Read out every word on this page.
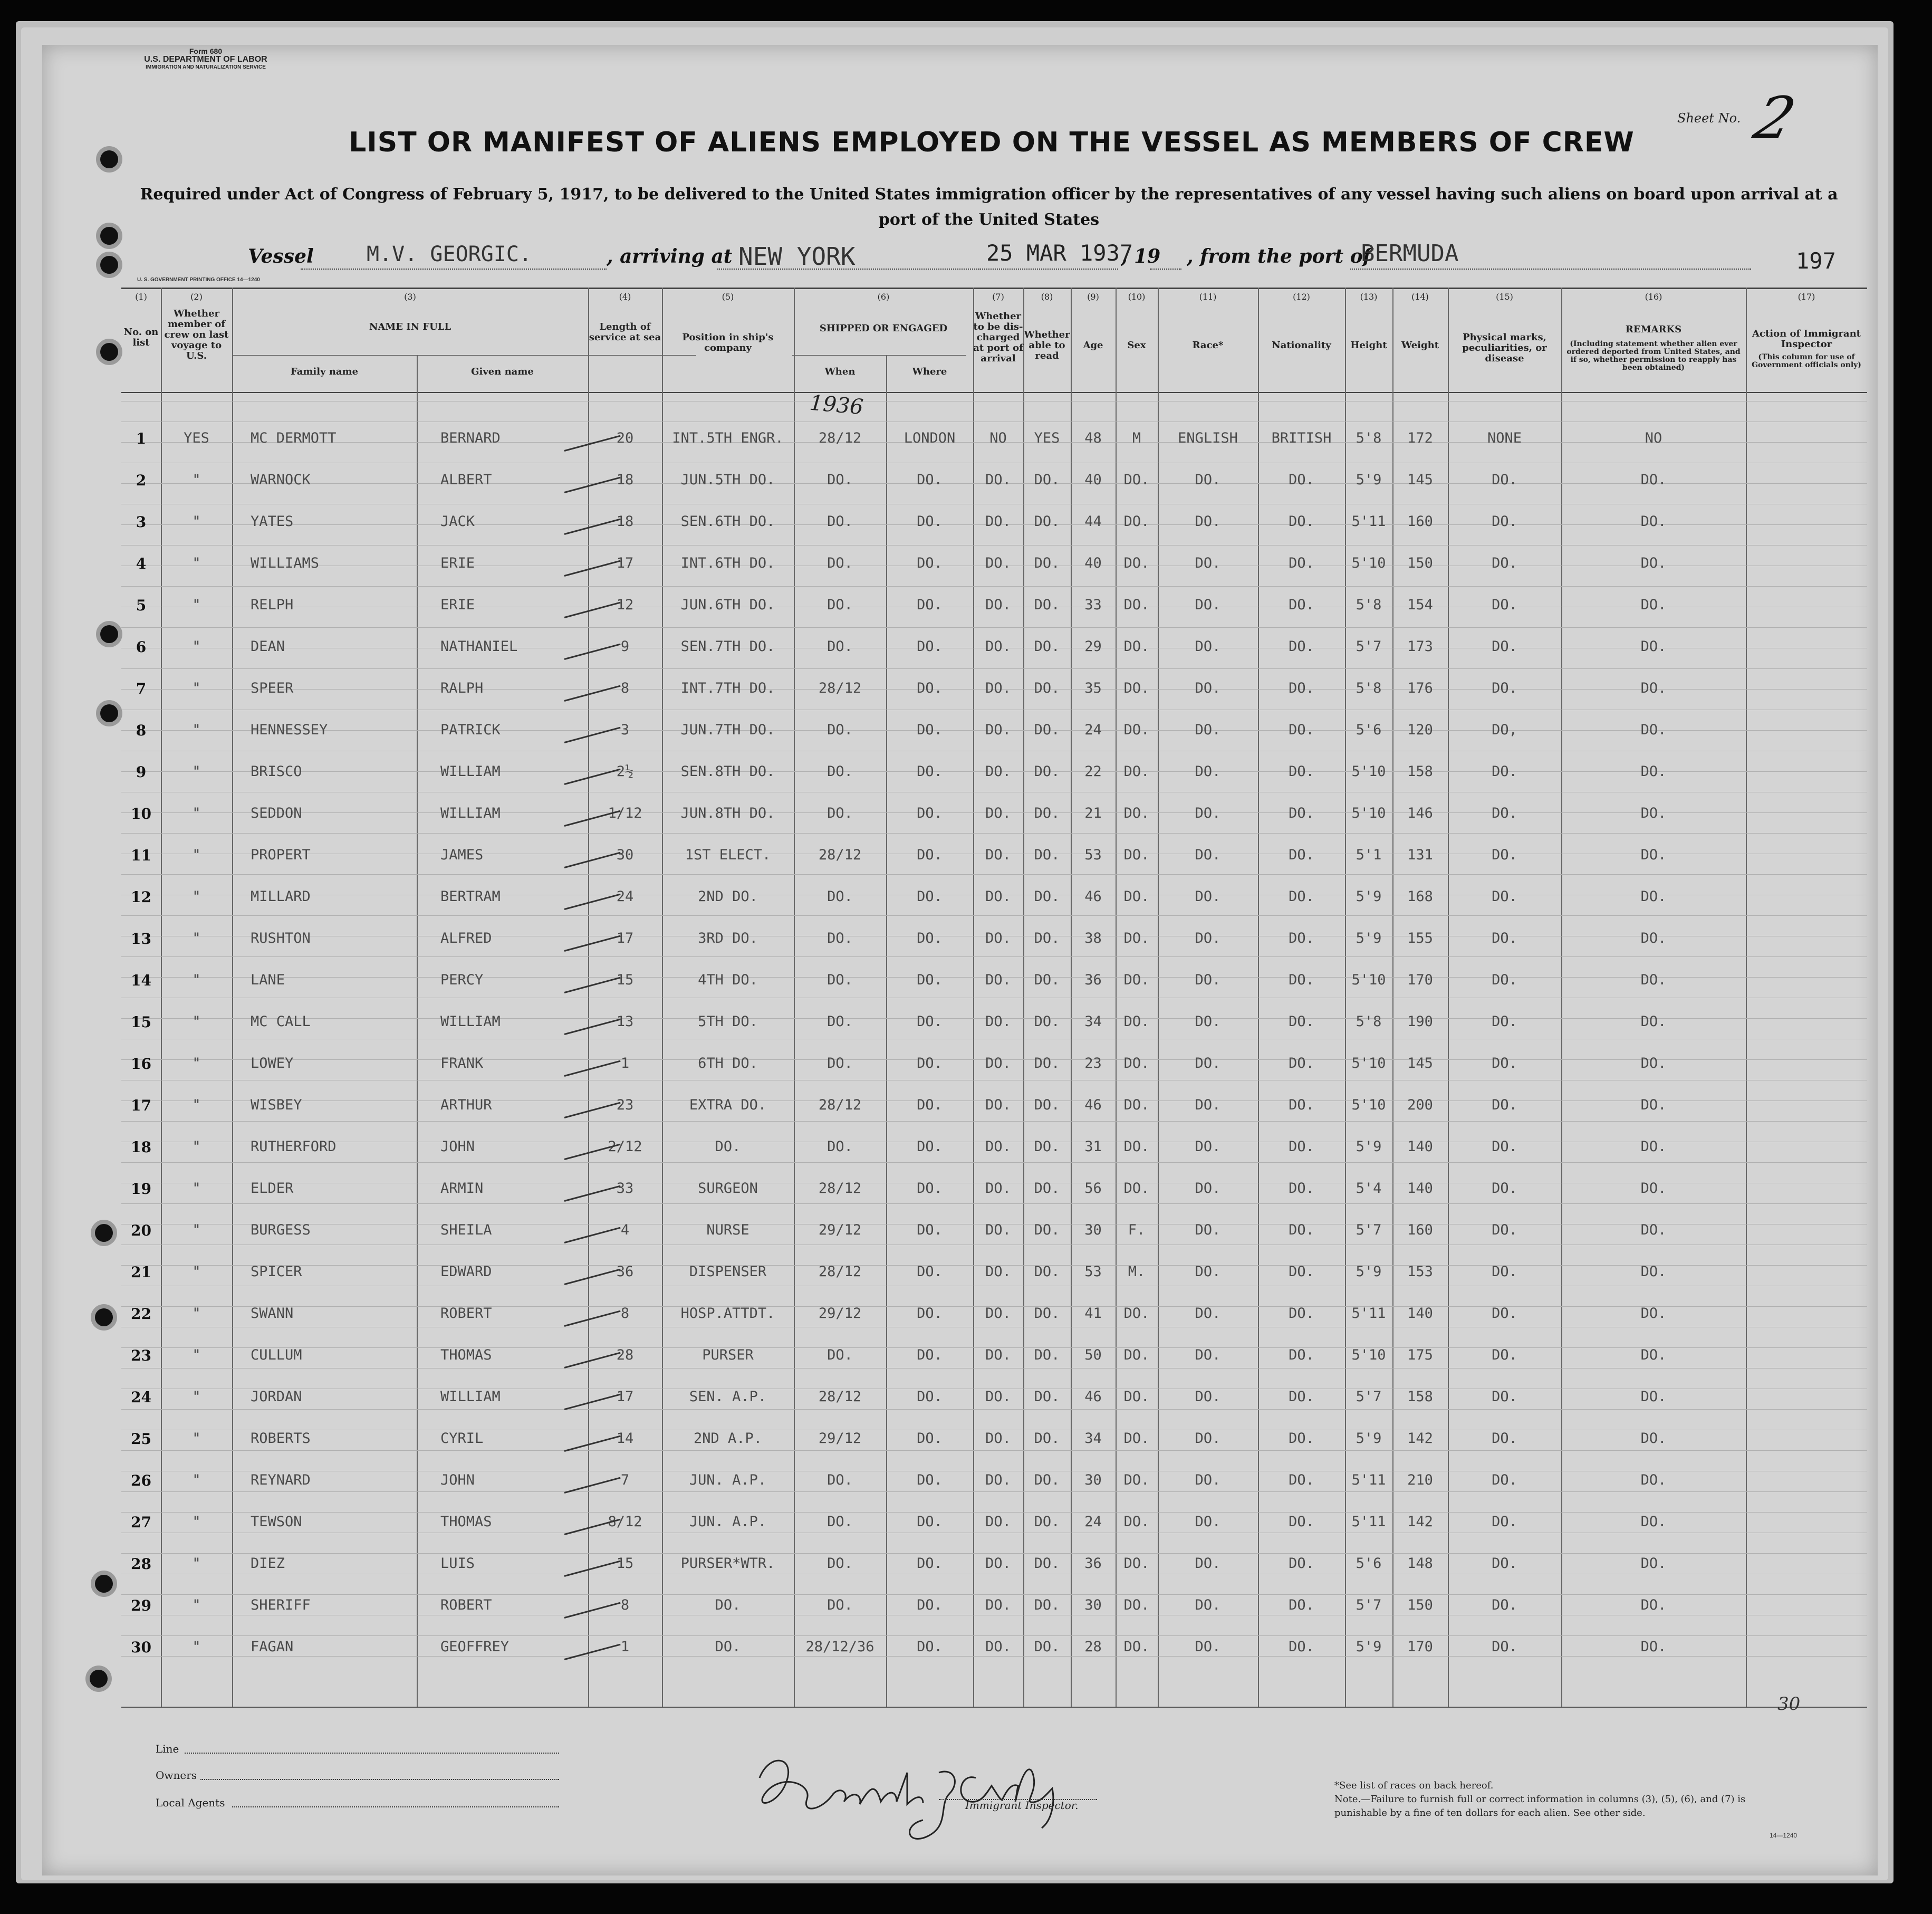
Form 680
U.S. DEPARTMENT OF LABOR
IMMIGRATION AND NATURALIZATION SERVICE
Sheet No. 2
LIST OR MANIFEST OF ALIENS EMPLOYED ON THE VESSEL AS MEMBERS OF CREW
Required under Act of Congress of February 5, 1917, to be delivered to the United States immigration officer by the representatives of any vessel having such aliens on board upon arrival at a port of the United States
Vessel	M.V. GEORGIC.	, arriving at NEW YORK	25 MAR 1937
, 19 , from the port of
BERMUDA	197
U. S. GOVERNMENT PRINTING OFFICE 14—1240
(1)	(2)	(3)	(4)	(5)	(6)	(7)	(8)	(9)	(10)	(11)	(12)	(13)	(14)	(15)	(16)	(17)
No. on list
Whether member of crew on last voyage to U.S.
NAME IN FULL
Family name	Given name
Length of service at sea	Position in ship's company
SHIPPED OR ENGAGED
When	Where
Whether to be dis-charged at port of arrival
Whether able to read
Age	Sex	Race*	Nationality	Height	Weight
Physical marks, peculiarities, or disease
REMARKS
(Including statement whether alien ever ordered deported from United States, and if so, whether permission to reapply has been obtained)
Action of Immigrant Inspector
(This column for use of Government officials only)
1	YES	MC DERMOTT	BERNARD	20	INT.5TH ENGR.	28/12	LONDON	NO	YES	48	M	ENGLISH	BRITISH	5'8	172	NONE	NO
2	"	WARNOCK	ALBERT	18	JUN.5TH DO.	DO.	DO.	DO.	DO.	40	DO.	DO.	DO.	5'9	145	DO.	DO.
3	"	YATES	JACK	18	SEN.6TH DO.	DO.	DO.	DO.	DO.	44	DO.	DO.	DO.	5'11	160	DO.	DO.
4	"	WILLIAMS	ERIE	17	INT.6TH DO.	DO.	DO.	DO.	DO.	40	DO.	DO.	DO.	5'10	150	DO.	DO.
5	"	RELPH	ERIE	12	JUN.6TH DO.	DO.	DO.	DO.	DO.	33	DO.	DO.	DO.	5'8	154	DO.	DO.
6	"	DEAN	NATHANIEL	9	SEN.7TH DO.	DO.	DO.	DO.	DO.	29	DO.	DO.	DO.	5'7	173	DO.	DO.
7	"	SPEER	RALPH	8	INT.7TH DO.	28/12	DO.	DO.	DO.	35	DO.	DO.	DO.	5'8	176	DO.	DO.
8	"	HENNESSEY	PATRICK	3	JUN.7TH DO.	DO.	DO.	DO.	DO.	24	DO.	DO.	DO.	5'6	120	DO,	DO.
9	"	BRISCO	WILLIAM	2½	SEN.8TH DO.	DO.	DO.	DO.	DO.	22	DO.	DO.	DO.	5'10	158	DO.	DO.
10	"	SEDDON	WILLIAM	1/12	JUN.8TH DO.	DO.	DO.	DO.	DO.	21	DO.	DO.	DO.	5'10	146	DO.	DO.
11	"	PROPERT	JAMES	30	1ST ELECT.	28/12	DO.	DO.	DO.	53	DO.	DO.	DO.	5'1	131	DO.	DO.
12	"	MILLARD	BERTRAM	24	2ND DO.	DO.	DO.	DO.	DO.	46	DO.	DO.	DO.	5'9	168	DO.	DO.
13	"	RUSHTON	ALFRED	17	3RD DO.	DO.	DO.	DO.	DO.	38	DO.	DO.	DO.	5'9	155	DO.	DO.
14	"	LANE	PERCY	15	4TH DO.	DO.	DO.	DO.	DO.	36	DO.	DO.	DO.	5'10	170	DO.	DO.
15	"	MC CALL	WILLIAM	13	5TH DO.	DO.	DO.	DO.	DO.	34	DO.	DO.	DO.	5'8	190	DO.	DO.
16	"	LOWEY	FRANK	1	6TH DO.	DO.	DO.	DO.	DO.	23	DO.	DO.	DO.	5'10	145	DO.	DO.
17	"	WISBEY	ARTHUR	23	EXTRA DO.	28/12	DO.	DO.	DO.	46	DO.	DO.	DO.	5'10	200	DO.	DO.
18	"	RUTHERFORD	JOHN	2/12	DO.	DO.	DO.	DO.	DO.	31	DO.	DO.	DO.	5'9	140	DO.	DO.
19	"	ELDER	ARMIN	33	SURGEON	28/12	DO.	DO.	DO.	56	DO.	DO.	DO.	5'4	140	DO.	DO.
20	"	BURGESS	SHEILA	4	NURSE	29/12	DO.	DO.	DO.	30	F.	DO.	DO.	5'7	160	DO.	DO.
21	"	SPICER	EDWARD	36	DISPENSER	28/12	DO.	DO.	DO.	53	M.	DO.	DO.	5'9	153	DO.	DO.
22	"	SWANN	ROBERT	8	HOSP.ATTDT.	29/12	DO.	DO.	DO.	41	DO.	DO.	DO.	5'11	140	DO.	DO.
23	"	CULLUM	THOMAS	28	PURSER	DO.	DO.	DO.	DO.	50	DO.	DO.	DO.	5'10	175	DO.	DO.
24	"	JORDAN	WILLIAM	17	SEN. A.P.	28/12	DO.	DO.	DO.	46	DO.	DO.	DO.	5'7	158	DO.	DO.
25	"	ROBERTS	CYRIL	14	2ND A.P.	29/12	DO.	DO.	DO.	34	DO.	DO.	DO.	5'9	142	DO.	DO.
26	"	REYNARD	JOHN	7	JUN. A.P.	DO.	DO.	DO.	DO.	30	DO.	DO.	DO.	5'11	210	DO.	DO.
27	"	TEWSON	THOMAS	8/12	JUN. A.P.	DO.	DO.	DO.	DO.	24	DO.	DO.	DO.	5'11	142	DO.	DO.
28	"	DIEZ	LUIS	15	PURSER*WTR.	DO.	DO.	DO.	DO.	36	DO.	DO.	DO.	5'6	148	DO.	DO.
29	"	SHERIFF	ROBERT	8	DO.	DO.	DO.	DO.	DO.	30	DO.	DO.	DO.	5'7	150	DO.	DO.
30	"	FAGAN	GEOFFREY	1	DO.	28/12/36	DO.	DO.	DO.	28	DO.	DO.	DO.	5'9	170	DO.	DO.
1936
Line
Owners
Local Agents	Immigrant Inspector.
*See list of races on back hereof.
Note.—Failure to furnish full or correct information in columns (3), (5), (6), and (7) is punishable by a fine of ten dollars for each alien. See other side.
14—1240
30
